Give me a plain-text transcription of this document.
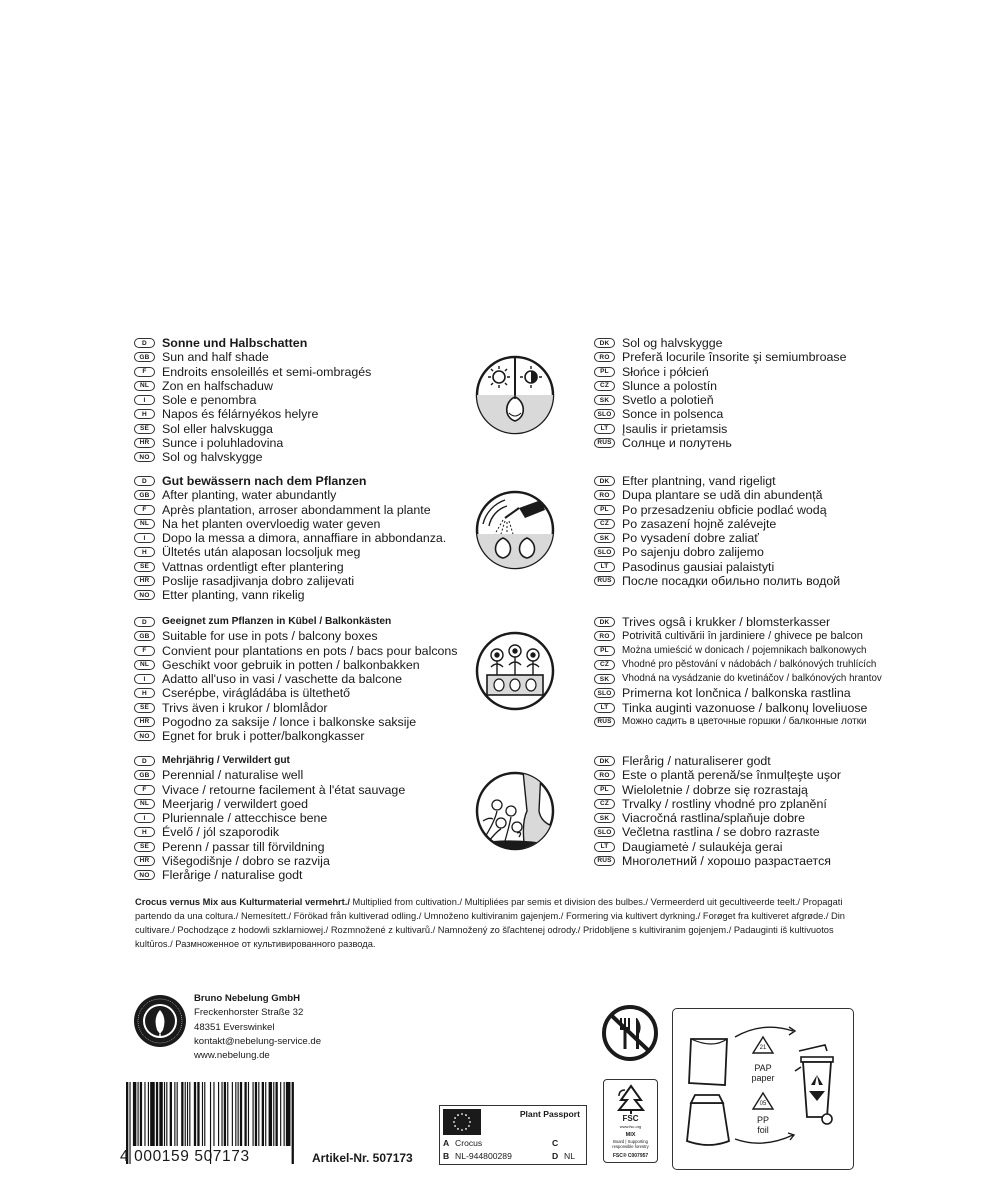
D	Sonne und Halbschatten
GB	Sun and half shade
F	Endroits ensoleillés et semi-ombragés
NL	Zon en halfschaduw
I	Sole e penombra
H	Napos és félárnyékos helyre
SE	Sol eller halvskugga
HR	Sunce i poluhladovina
NO	Sol og halvskygge
DK	Sol og halvskygge
RO	Preferă locurile însorite şi semiumbroase
PL	Słońce i półcień
CZ	Slunce a polostín
SK	Svetlo a polotieň
SLO Sonce in polsenca
LT	Įsaulis ir prietamsis
RUS Солнце и полутень
D	Gut bewässern nach dem Pflanzen
GB	After planting, water abundantly
F	Après plantation, arroser abondamment la plante
NL	Na het planten overvloedig water geven
I	Dopo la messa a dimora, annaffiare in abbondanza.
H	Ültetés után alaposan locsoljuk meg
SE	Vattnas ordentligt efter plantering
HR	Poslije rasadjivanja dobro zalijevati
NO	Etter planting, vann rikelig
DK	Efter plantning, vand rigeligt
RO	Dupa plantare se udă din abundență
PL	Po przesadzeniu obficie podlać wodą
CZ	Po zasazení hojně zalévejte
SK	Po vysadení dobre zaliať
SLO Po sajenju dobro zalijemo
LT	Pasodinus gausiai palaistyti
RUS После посадки обильно полить водой
D	Geeignet zum Pflanzen in Kübel / Balkonkästen
GB	Suitable for use in pots / balcony boxes
F	Convient pour plantations en pots / bacs pour balcons
NL	Geschikt voor gebruik in potten / balkonbakken
I	Adatto all'uso in vasi / vaschette da balcone
H	Cserépbe, virágládába is ültethető
SE	Trivs även i krukor / blomlådor
HR	Pogodno za saksije / lonce i balkonske saksije
NO	Egnet for bruk i potter/balkongkasser
DK	Trives ogsâ i krukker / blomsterkasser
RO	Potrivită cultivării în jardiniere / ghivece pe balcon
PL	Można umieścić w donicach / pojemnikach balkonowych
CZ	Vhodné pro pěstování v nádobách / balkónových truhlících
SK	Vhodná na vysádzanie do kvetináčov / balkónových hrantov
SLO Primerna kot lončnica / balkonska rastlina
LT	Tinka auginti vazonuose / balkonų loveliuose
RUS	Можно садить в цветочные горшки / балконные лотки
D	Mehrjährig / Verwildert gut
GB	Perennial / naturalise well
F	Vivace / retourne facilement à l'état sauvage
NL	Meerjarig / verwildert goed
I	Pluriennale / attecchisce bene
H	Évelő / jól szaporodik
SE	Perenn / passar till förvildning
HR	Višegodišnje / dobro se razvija
NO	Flerårige / naturalise godt
DK	Flerårig / naturaliserer godt
RO	Este o plantă perenă/se înmulțeşte uşor
PL	Wieloletnie / dobrze się rozrastają
CZ	Trvalky / rostliny vhodné pro zplanění
SK	Viacročná rastlina/splaňuje dobre
SLO Večletna rastlina / se dobro razraste
LT	Daugiametė / sulaukėja gerai
RUS Многолетний / хорошо разрастается
Crocus vernus Mix aus Kulturmaterial vermehrt./ Multiplied from cultivation./ Multipliées par semis et division des bulbes./ Vermeerderd uit gecultiveerde teelt./ Propagati partendo da una coltura./ Nemesített./ Förökad från kultiverad odling./ Umnoženo kultiviranim gajenjem./ Formering via kultivert dyrkning./ Forøget fra kultiveret afgrøde./ Din cultivare./ Pochodzące z hodowli szklarniowej./ Rozmnožené z kultivarů./ Namnožený zo šľachtenej odrody./ Pridobljene s kultiviranim gojenjem./ Padauginti iš kultivuotos kultūros./ Размноженное от культивированного развода.
Bruno Nebelung GmbH
Freckenhorster Straße 32
48351 Everswinkel
kontakt@nebelung-service.de
www.nebelung.de
4 000159 507173	Artikel-Nr. 507173
Plant Passport
A Crocus
B NL-944800289
C
D NL
FSC
www.fsc.org
MIX
Board | Supporting
responsible forestry
FSC® C007957
21
PAP
paper
05
PP
foil
